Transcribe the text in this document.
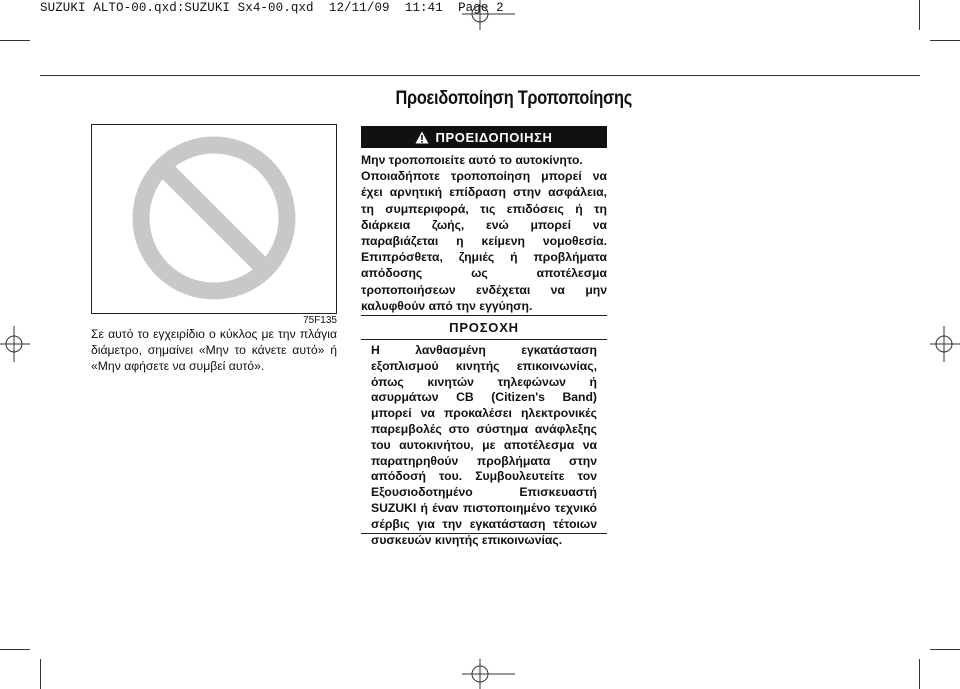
SUZUKI ALTO-00.qxd:SUZUKI Sx4-00.qxd  12/11/09  11:41  Page 2
Προειδοποίηση Τροποποίησης
75F135
Σε αυτό το εγχειρίδιο ο κύκλος με την πλάγια διάμετρο, σημαίνει «Μην το κάνετε αυτό» ή «Μην αφήσετε να συμβεί αυτό».
ΠΡΟΕΙΔΟΠΟΙΗΣΗ

Μην τροποποιείτε αυτό το αυτοκίνητο.

Οποιαδήποτε τροποποίηση μπορεί να έχει αρνητική επίδραση στην ασφάλεια, τη συμπεριφορά, τις επιδόσεις ή τη διάρκεια ζωής, ενώ μπορεί να παραβιάζεται η κείμενη νομοθεσία. Επιπρόσθετα, ζημιές ή προβλήματα απόδοσης ως αποτέλεσμα τροποποιήσεων ενδέχεται να μην καλυφθούν από την εγγύηση.

ΠΡΟΣΟΧΗ
Η λανθασμένη εγκατάσταση εξοπλισμού κινητής επικοινωνίας, όπως κινητών τηλεφώνων ή ασυρμάτων CB (Citizen's Band) μπορεί να προκαλέσει ηλεκτρονικές παρεμβολές στο σύστημα ανάφλεξης του αυτοκινήτου, με αποτέλεσμα να παρατηρηθούν προβλήματα στην απόδοσή του. Συμβουλευτείτε τον Εξουσιοδοτημένο Επισκευαστή SUZUKI ή έναν πιστοποιημένο τεχνικό σέρβις για την εγκατάσταση τέτοιων συσκευών κινητής επικοινωνίας.
